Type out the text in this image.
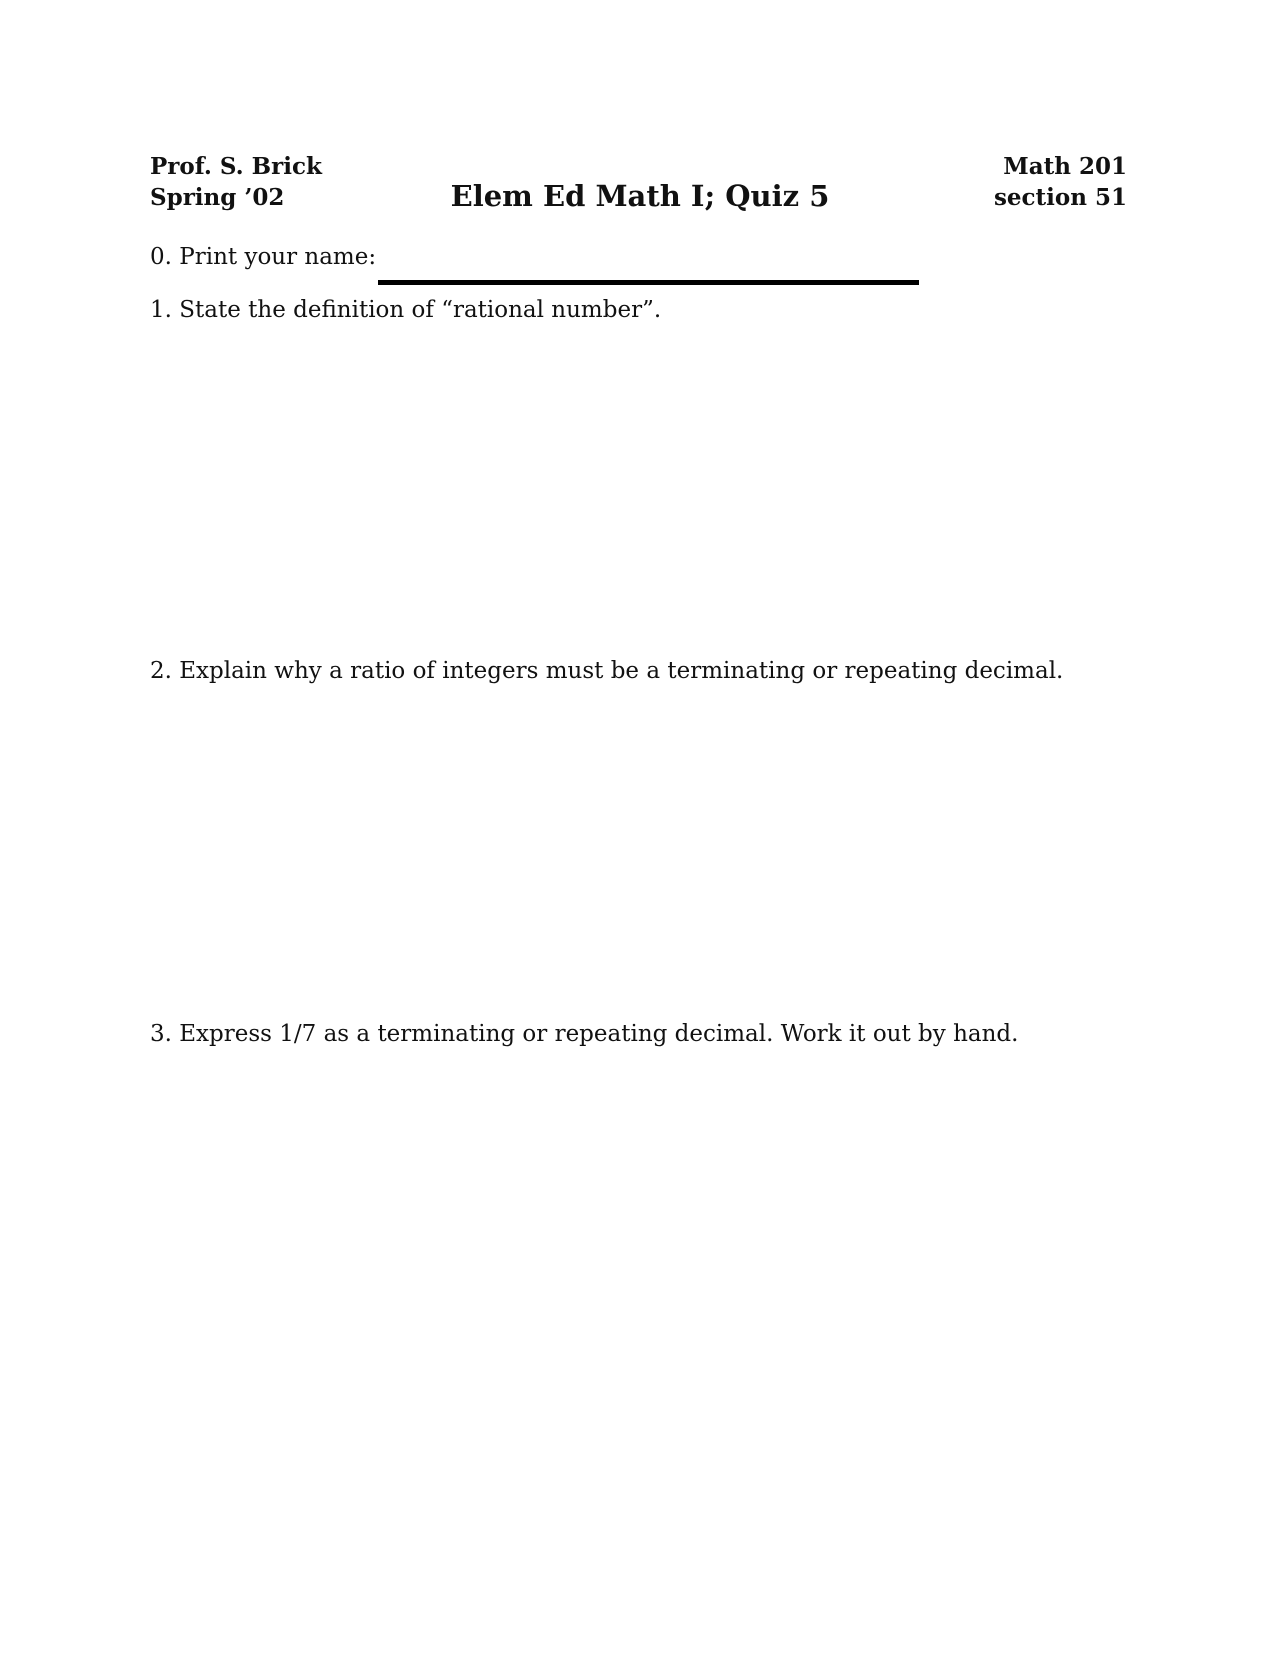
Prof. S. Brick
Spring ’02	Elem Ed Math I; Quiz 5
Math 201
section 51
0. Print your name:
1. State the definition of “rational number”.
2. Explain why a ratio of integers must be a terminating or repeating decimal.
3. Express 1/7 as a terminating or repeating decimal. Work it out by hand.
